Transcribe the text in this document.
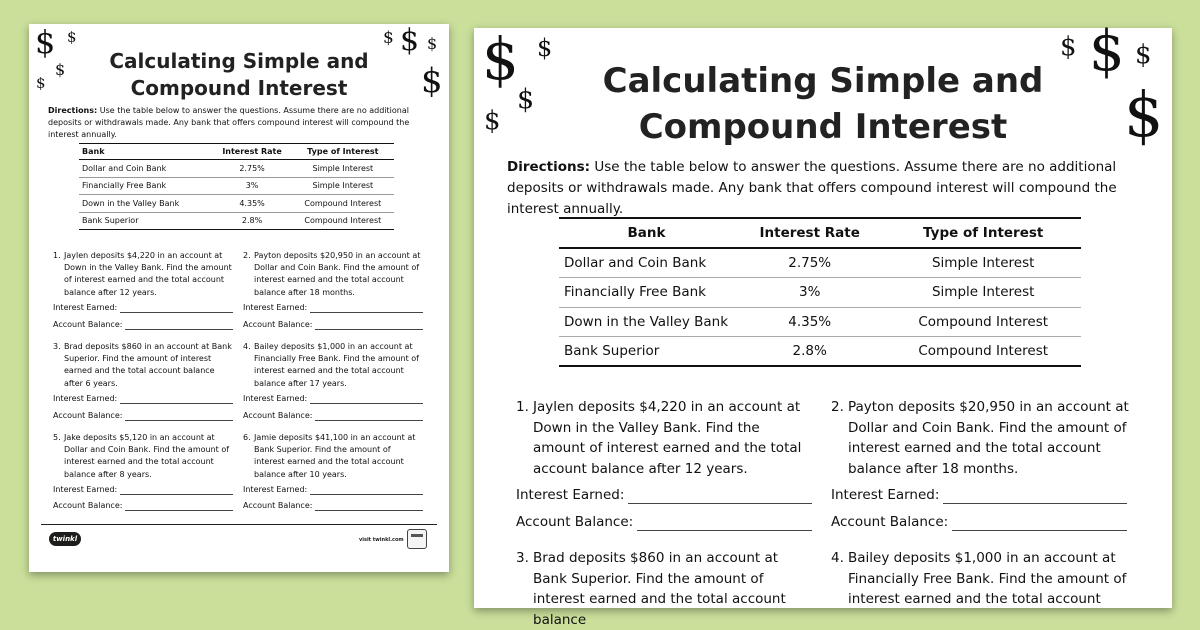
$ $
$
$
$ $ $
$
Calculating Simple and
Compound Interest
Directions: Use the table below to answer the questions. Assume there are no additional deposits or withdrawals made. Any bank that offers compound interest will compound the interest annually.
Bank	Interest Rate	Type of Interest
Dollar and Coin Bank	2.75%	Simple Interest
Financially Free Bank	3%	Simple Interest
Down in the Valley Bank	4.35%	Compound Interest
Bank Superior	2.8%	Compound Interest
1. Jaylen deposits $4,220 in an account at Down in the Valley Bank. Find the amount of interest earned and the total account balance after 12 years.
Interest Earned:
Account Balance:
2. Payton deposits $20,950 in an account at Dollar and Coin Bank. Find the amount of interest earned and the total account balance after 18 months.
Interest Earned:
Account Balance:
3. Brad deposits $860 in an account at Bank Superior. Find the amount of interest earned and the total account balance after 6 years.
Interest Earned:
Account Balance:
4. Bailey deposits $1,000 in an account at Financially Free Bank. Find the amount of interest earned and the total account balance after 17 years.
Interest Earned:
Account Balance:
5. Jake deposits $5,120 in an account at Dollar and Coin Bank. Find the amount of interest earned and the total account balance after 8 years.
Interest Earned:
Account Balance:
6. Jamie deposits $41,100 in an account at Bank Superior. Find the amount of interest earned and the total account balance after 10 years.
Interest Earned:
Account Balance:
twinkl	visit twinkl.com
$ $
$
$
$ $ $
$
Calculating Simple and
Compound Interest
Directions: Use the table below to answer the questions. Assume there are no additional deposits or withdrawals made. Any bank that offers compound interest will compound the interest annually.
Bank	Interest Rate	Type of Interest
Dollar and Coin Bank	2.75%	Simple Interest
Financially Free Bank	3%	Simple Interest
Down in the Valley Bank	4.35%	Compound Interest
Bank Superior	2.8%	Compound Interest
1. Jaylen deposits $4,220 in an account at Down in the Valley Bank. Find the amount of interest earned and the total account balance after 12 years.
Interest Earned:
Account Balance:
2. Payton deposits $20,950 in an account at Dollar and Coin Bank. Find the amount of interest earned and the total account balance after 18 months.
Interest Earned:
Account Balance:
3. Brad deposits $860 in an account at Bank Superior. Find the amount of interest earned and the total account balance
4. Bailey deposits $1,000 in an account at Financially Free Bank. Find the amount of interest earned and the total account
